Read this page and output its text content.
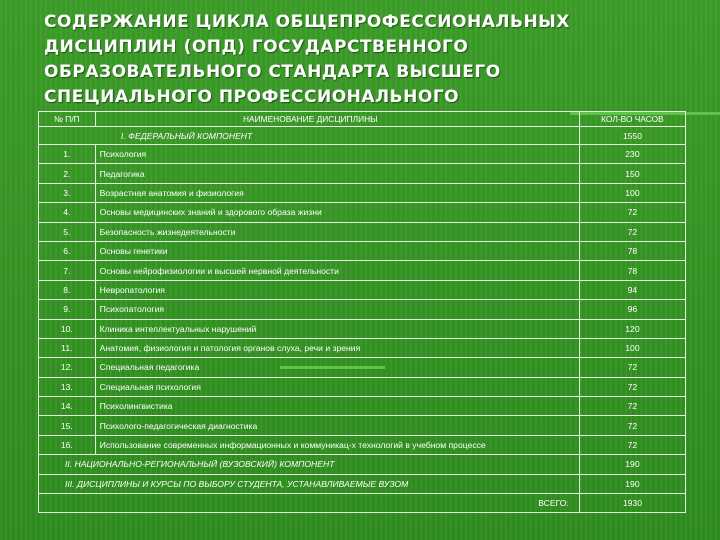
СОДЕРЖАНИЕ ЦИКЛА ОБЩЕПРОФЕССИОНАЛЬНЫХ
ДИСЦИПЛИН (ОПД) ГОСУДАРСТВЕННОГО
ОБРАЗОВАТЕЛЬНОГО СТАНДАРТА ВЫСШЕГО
СПЕЦИАЛЬНОГО ПРОФЕССИОНАЛЬНОГО
№ П/П	НАИМЕНОВАНИЕ ДИСЦИПЛИНЫ	КОЛ-ВО ЧАСОВ
I. ФЕДЕРАЛЬНЫЙ КОМПОНЕНТ		1550
1.	Психология	230
2.	Педагогика	150
3.	Возрастная анатомия и физиология	100
4.	Основы медицинских знаний и здорового образа жизни	72
5.	Безопасность жизнедеятельности	72
6.	Основы генетики	78
7.	Основы нейрофизиологии и высшей нервной деятельности	78
8.	Невропатология	94
9.	Психопатология	96
10.	Клиника интеллектуальных нарушений	120
11.	Анатомия, физиология и патология органов слуха, речи и зрения	100
12.	Специальная педагогика	72
13.	Специальная психология	72
14.	Психолингвистика	72
15.	Психолого-педагогическая диагностика	72
16.	Использование современных информационных и коммуникац-х технологий в учебном процессе	72
II. НАЦИОНАЛЬНО-РЕГИОНАЛЬНЫЙ (ВУЗОВСКИЙ) КОМПОНЕНТ		190
III. ДИСЦИПЛИНЫ И КУРСЫ ПО ВЫБОРУ СТУДЕНТА, УСТАНАВЛИВАЕМЫЕ ВУЗОМ		190
ВСЕГО:		1930
